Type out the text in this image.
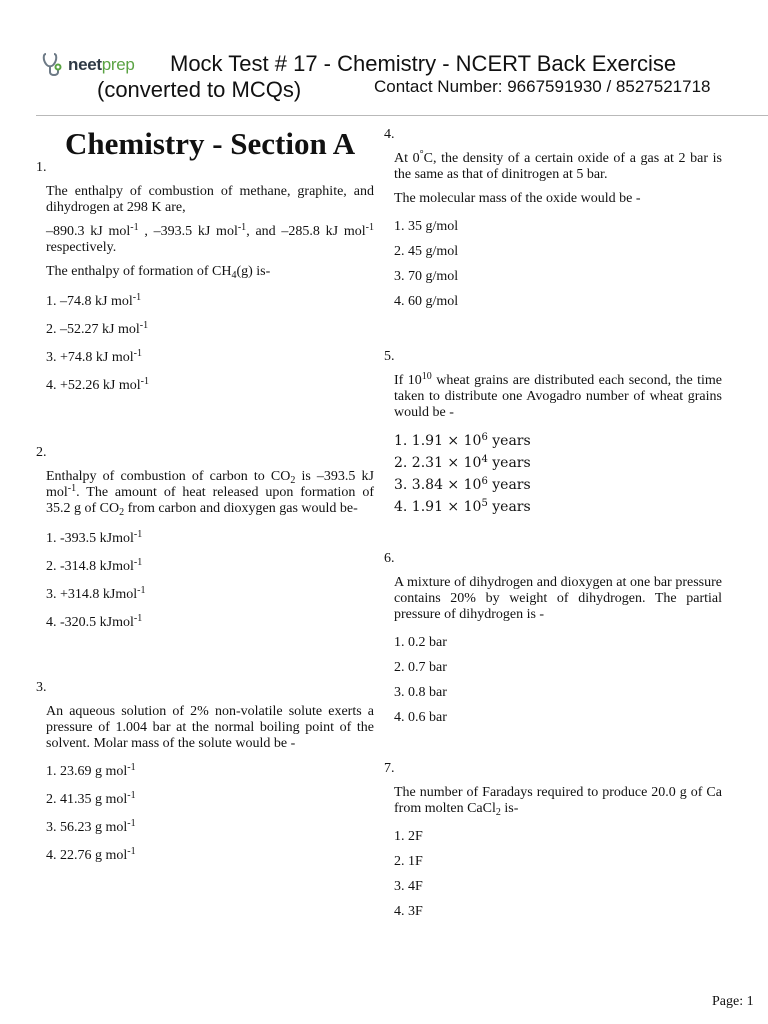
neetprep Mock Test # 17 - Chemistry - NCERT Back Exercise
(converted to MCQs)	Contact Number: 9667591930 / 8527521718
Chemistry - Section A
1.

The enthalpy of combustion of methane, graphite, and dihydrogen at 298 K are,

–890.3 kJ mol$^{-1}$ , –393.5 kJ mol$^{-1}$, and –285.8 kJ mol$^{-1}$ respectively.

The enthalpy of formation of $CH_4(g)$ is-

1. –74.8 kJ mol$^{-1}$

2. –52.27 kJ mol$^{-1}$

3. +74.8 kJ mol$^{-1}$

4. +52.26 kJ mol$^{-1}$

2.

Enthalpy of combustion of carbon to $CO_2$ is –393.5 kJ mol$^{-1}$. The amount of heat released upon formation of 35.2 g of $CO_2$ from carbon and dioxygen gas would be-

1. -393.5 kJmol$^{-1}$

2. -314.8 kJmol$^{-1}$

3. +314.8 kJmol$^{-1}$

4. -320.5 kJmol$^{-1}$

3.

An aqueous solution of 2% non-volatile solute exerts a pressure of 1.004 bar at the normal boiling point of the solvent. Molar mass of the solute would be -

1. 23.69 g mol$^{-1}$

2. 41.35 g mol$^{-1}$

3. 56.23 g mol$^{-1}$

4. 22.76 g mol$^{-1}$

4.

At 0°C, the density of a certain oxide of a gas at 2 bar is the same as that of dinitrogen at 5 bar.

The molecular mass of the oxide would be -

1. 35 g/mol

2. 45 g/mol

3. 70 g/mol

4. 60 g/mol

5.

If $10^{10}$ wheat grains are distributed each second, the time taken to distribute one Avogadro number of wheat grains would be -

1. $1.91 \times 10^6$ years

2. $2.31 \times 10^4$ years

3. $3.84 \times 10^6$ years

4. $1.91 \times 10^5$ years

6.

A mixture of dihydrogen and dioxygen at one bar pressure contains 20% by weight of dihydrogen. The partial pressure of dihydrogen is -

1. 0.2 bar

2. 0.7 bar

3. 0.8 bar

4. 0.6 bar

7.

The number of Faradays required to produce 20.0 g of Ca from molten CaCl$_2$ is-

1. 2F

2. 1F

3. 4F

4. 3F

Page: 1
